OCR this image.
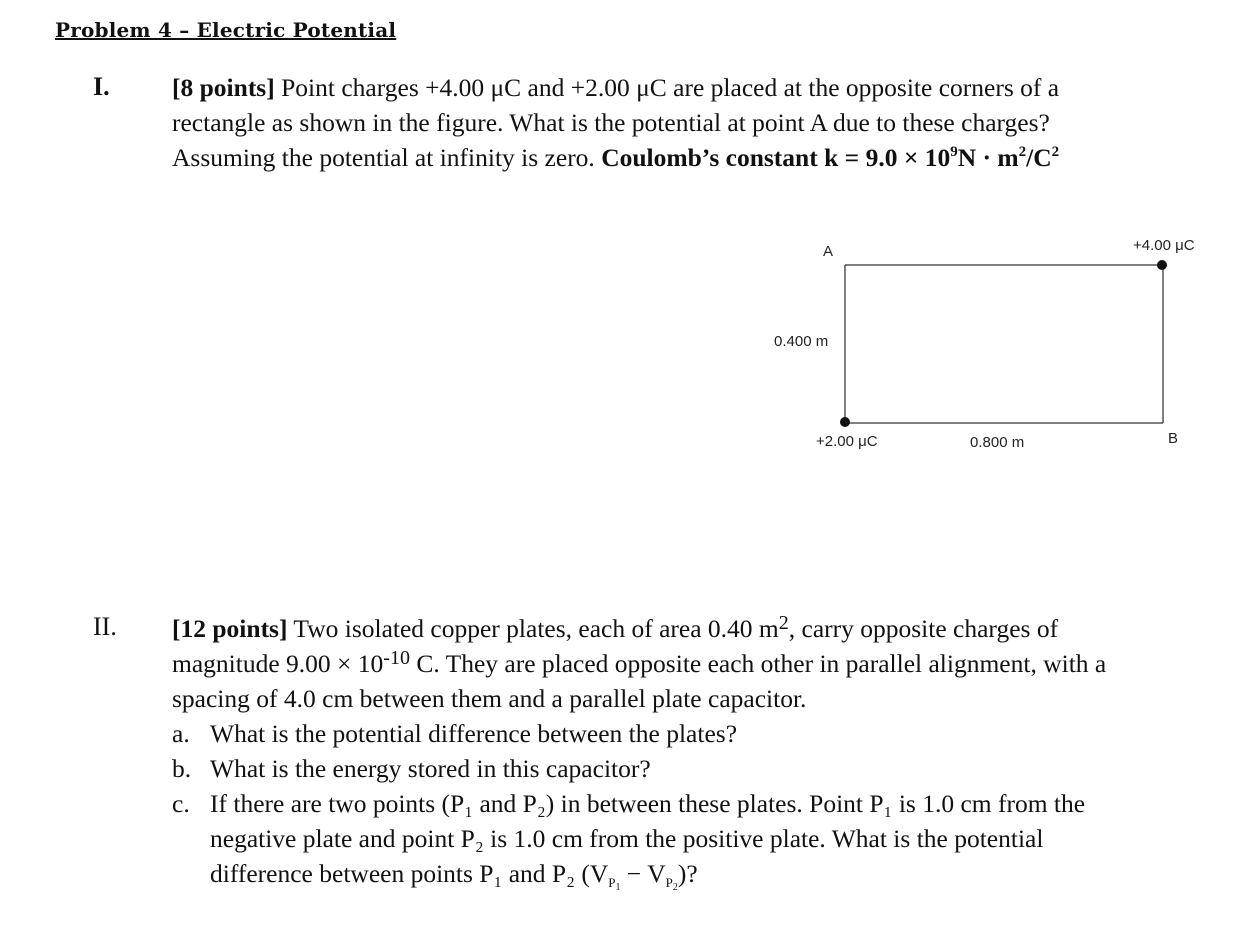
Problem 4 – Electric Potential
I. [8 points] Point charges +4.00 μC and +2.00 μC are placed at the opposite corners of a
rectangle as shown in the figure. What is the potential at point A due to these charges?
Assuming the potential at infinity is zero. Coulomb’s constant $k = 9.0 \times 10^9N \cdot m^2/C^2$
A	+4.00 μC
0.400 m
+2.00 μC	0.800 m	B
II. [12 points] Two isolated copper plates, each of area 0.40 $m^2$, carry opposite charges of
magnitude $9.00 \times 10^{-10}$ C. They are placed opposite each other in parallel alignment, with a
spacing of 4.0 cm between them and a parallel plate capacitor.
a. What is the potential difference between the plates?
b. What is the energy stored in this capacitor?
c. If there are two points (P₁ and P₂) in between these plates. Point P₁ is 1.0 cm from the
negative plate and point P₂ is 1.0 cm from the positive plate. What is the potential
difference between points P₁ and P₂ $(V_{P1} - V_{P2})$?
